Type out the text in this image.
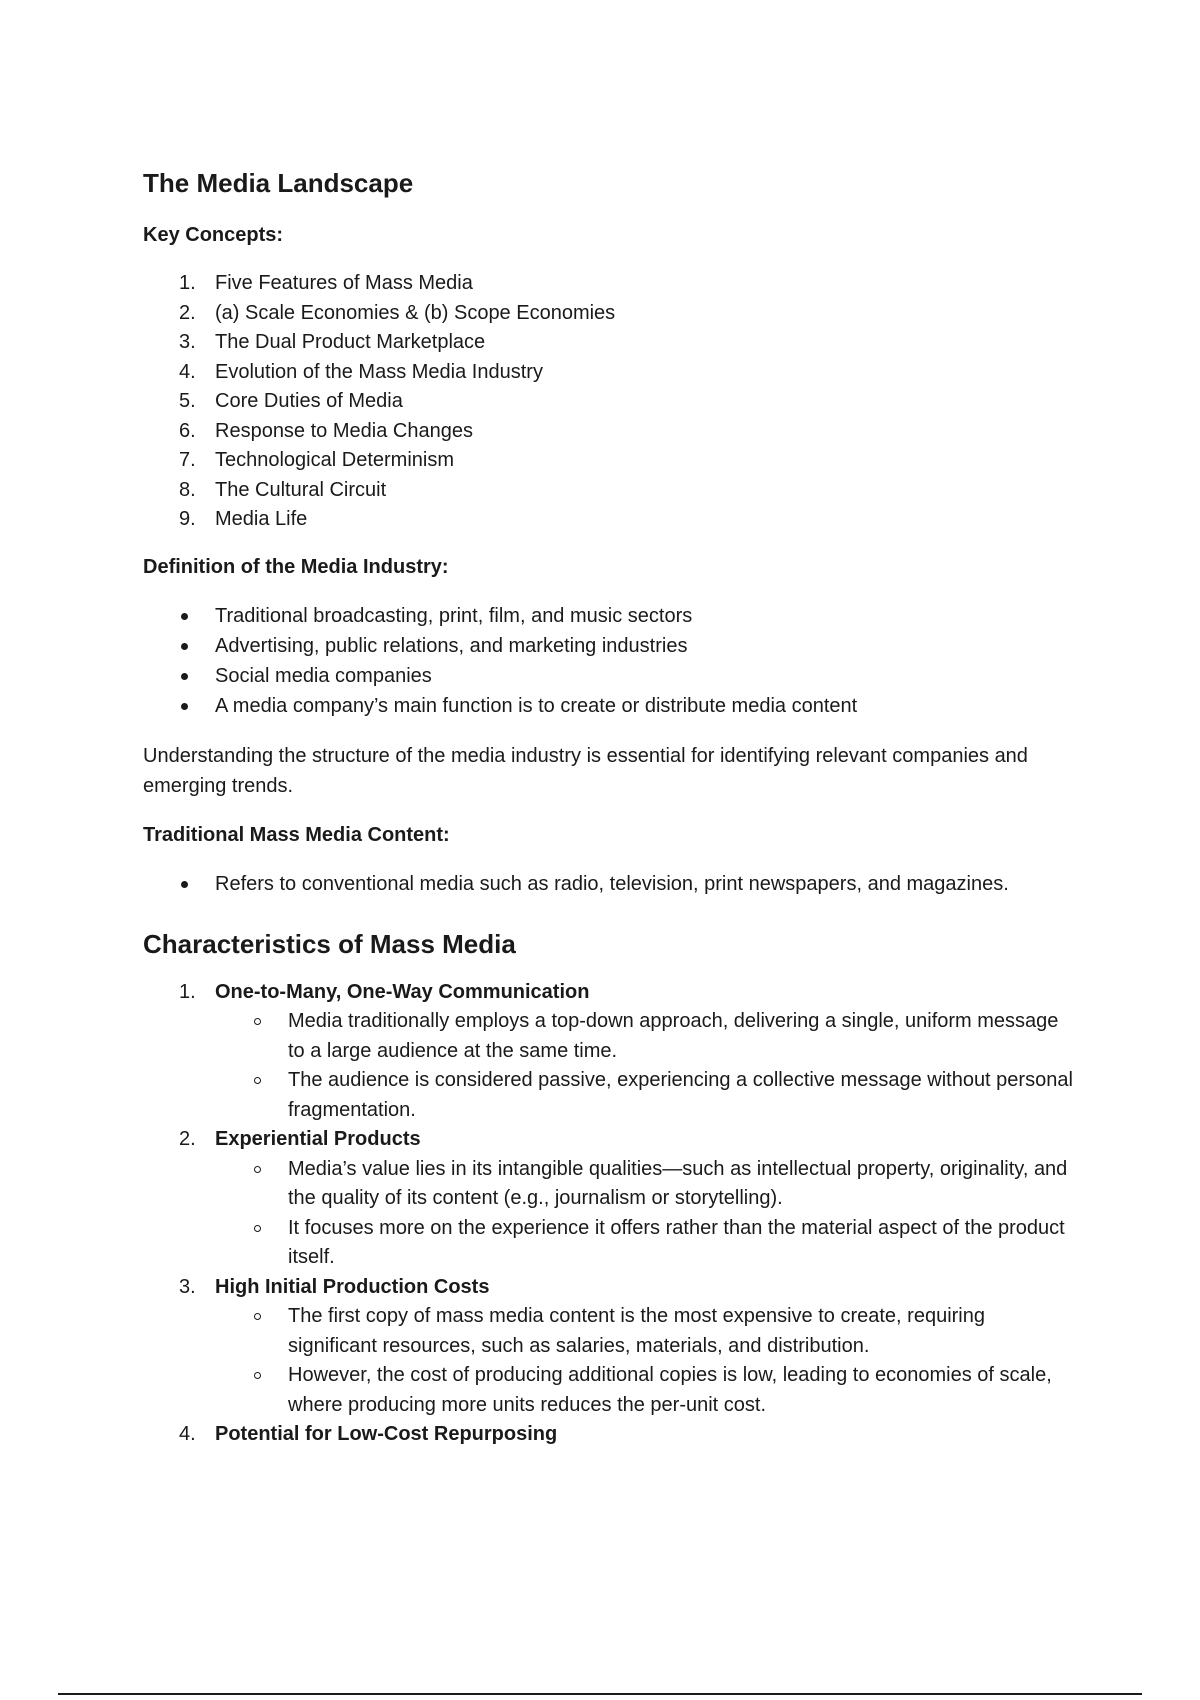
The Media Landscape
Key Concepts:
1. Five Features of Mass Media
2. (a) Scale Economies & (b) Scope Economies
3. The Dual Product Marketplace
4. Evolution of the Mass Media Industry
5. Core Duties of Media
6. Response to Media Changes
7. Technological Determinism
8. The Cultural Circuit
9. Media Life
Definition of the Media Industry:
Traditional broadcasting, print, film, and music sectors
Advertising, public relations, and marketing industries
Social media companies
A media company’s main function is to create or distribute media content

Understanding the structure of the media industry is essential for identifying relevant companies and emerging trends.

Traditional Mass Media Content:
Refers to conventional media such as radio, television, print newspapers, and magazines.
Characteristics of Mass Media
1. One-to-Many, One-Way Communication
Media traditionally employs a top-down approach, delivering a single, uniform message to a large audience at the same time.
The audience is considered passive, experiencing a collective message without personal fragmentation.
2. Experiential Products
Media’s value lies in its intangible qualities—such as intellectual property, originality, and the quality of its content (e.g., journalism or storytelling).
It focuses more on the experience it offers rather than the material aspect of the product itself.
3. High Initial Production Costs
The first copy of mass media content is the most expensive to create, requiring significant resources, such as salaries, materials, and distribution.
However, the cost of producing additional copies is low, leading to economies of scale, where producing more units reduces the per-unit cost.
4. Potential for Low-Cost Repurposing
